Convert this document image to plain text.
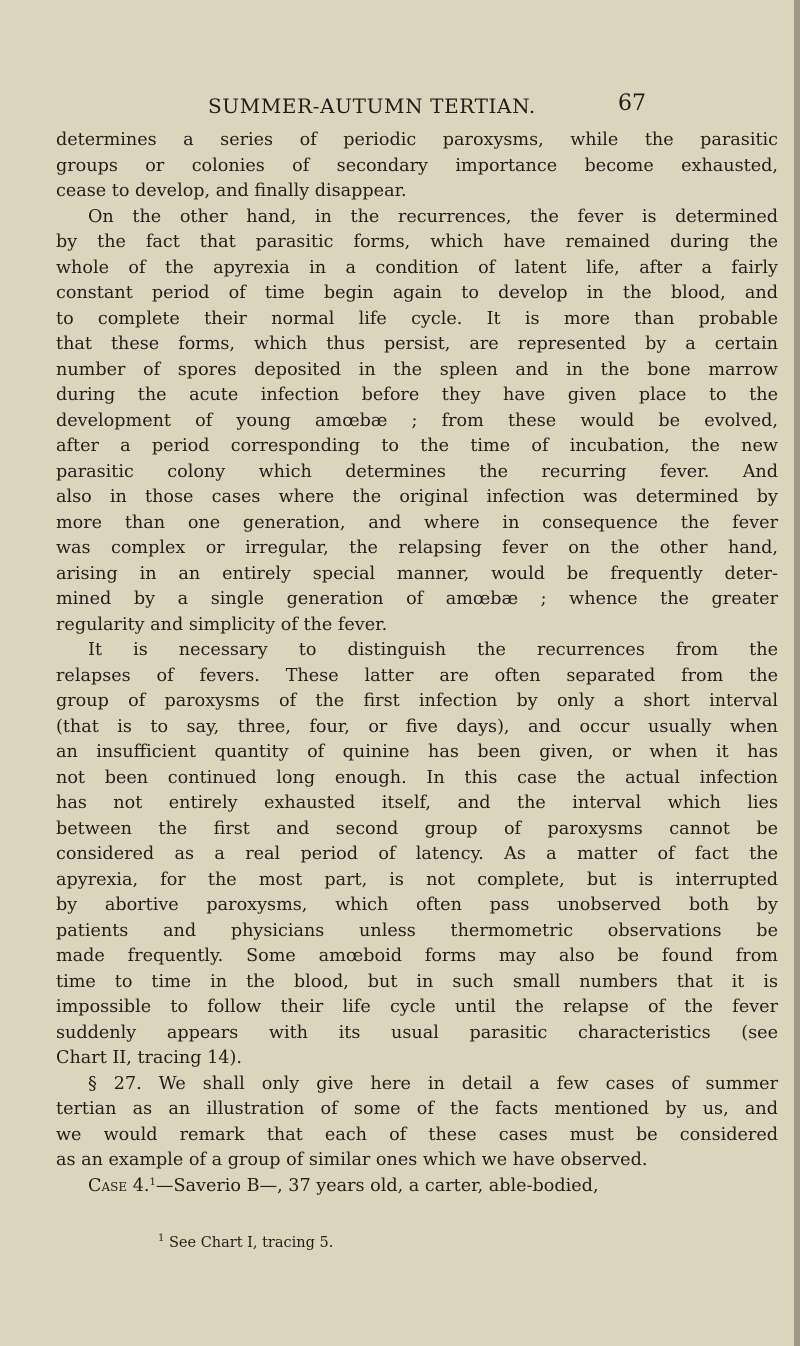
SUMMER-AUTUMN TERTIAN.	67
determines a series of periodic paroxysms, while the parasitic
groups or colonies of secondary importance become exhausted,
cease to develop, and finally disappear.
On the other hand, in the recurrences, the fever is determined
by the fact that parasitic forms, which have remained during the
whole of the apyrexia in a condition of latent life, after a fairly
constant period of time begin again to develop in the blood, and
to complete their normal life cycle. It is more than probable
that these forms, which thus persist, are represented by a certain
number of spores deposited in the spleen and in the bone marrow
during the acute infection before they have given place to the
development of young amœbæ ; from these would be evolved,
after a period corresponding to the time of incubation, the new
parasitic colony which determines the recurring fever. And
also in those cases where the original infection was determined by
more than one generation, and where in consequence the fever
was complex or irregular, the relapsing fever on the other hand,
arising in an entirely special manner, would be frequently deter-
mined by a single generation of amœbæ ; whence the greater
regularity and simplicity of the fever.
It is necessary to distinguish the recurrences from the
relapses of fevers. These latter are often separated from the
group of paroxysms of the first infection by only a short interval
(that is to say, three, four, or five days), and occur usually when
an insufficient quantity of quinine has been given, or when it has
not been continued long enough. In this case the actual infection
has not entirely exhausted itself, and the interval which lies
between the first and second group of paroxysms cannot be
considered as a real period of latency. As a matter of fact the
apyrexia, for the most part, is not complete, but is interrupted
by abortive paroxysms, which often pass unobserved both by
patients and physicians unless thermometric observations be
made frequently. Some amœboid forms may also be found from
time to time in the blood, but in such small numbers that it is
impossible to follow their life cycle until the relapse of the fever
suddenly appears with its usual parasitic characteristics (see
Chart II, tracing 14).
§ 27. We shall only give here in detail a few cases of summer
tertian as an illustration of some of the facts mentioned by us, and
we would remark that each of these cases must be considered
as an example of a group of similar ones which we have observed.
Case 4.$^1$—Saverio B—, 37 years old, a carter, able-bodied,
$^1$ See Chart I, tracing 5.
